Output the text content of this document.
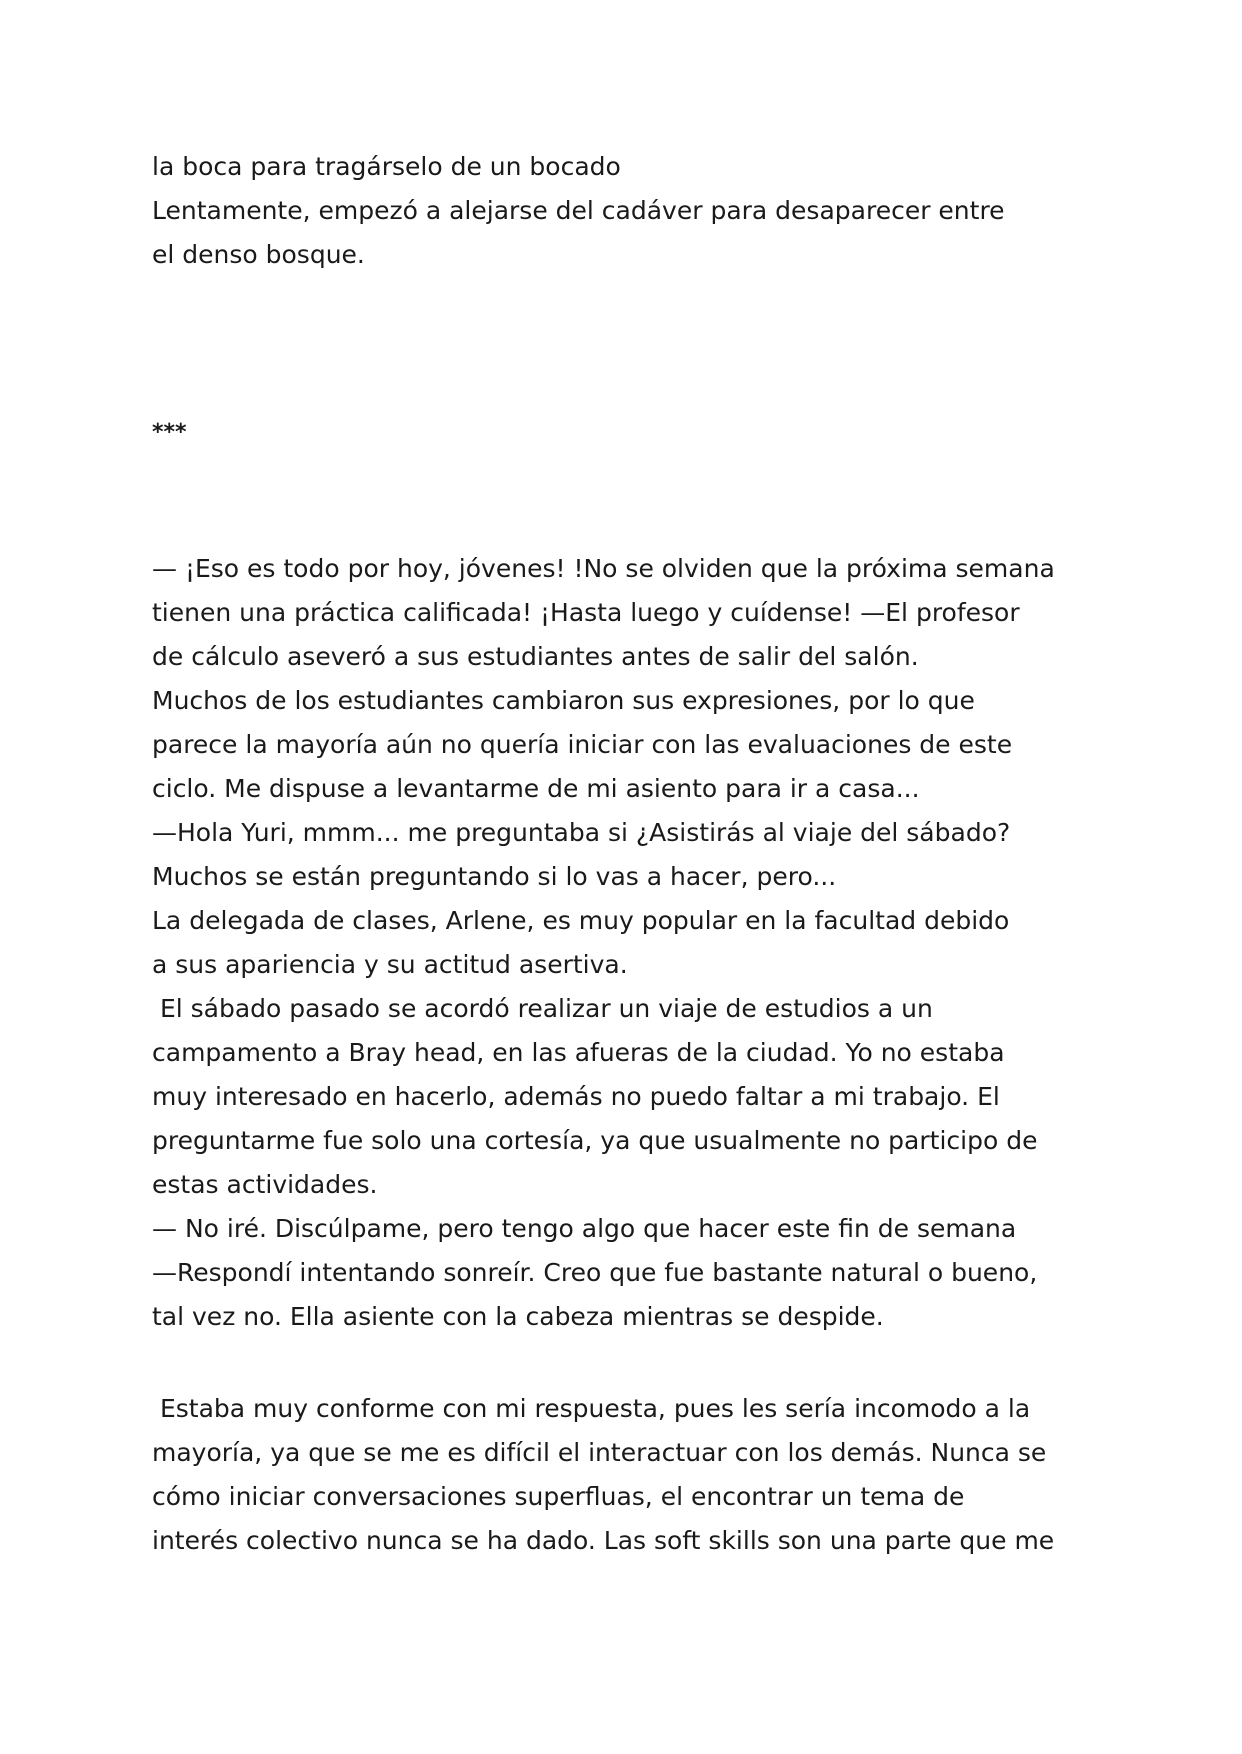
la boca para tragárselo de un bocado
Lentamente, empezó a alejarse del cadáver para desaparecer entre
el denso bosque.
***
— ¡Eso es todo por hoy, jóvenes! !No se olviden que la próxima semana
tienen una práctica calificada! ¡Hasta luego y cuídense! —El profesor
de cálculo aseveró a sus estudiantes antes de salir del salón.
Muchos de los estudiantes cambiaron sus expresiones, por lo que
parece la mayoría aún no quería iniciar con las evaluaciones de este
ciclo. Me dispuse a levantarme de mi asiento para ir a casa...
—Hola Yuri, mmm... me preguntaba si ¿Asistirás al viaje del sábado?
Muchos se están preguntando si lo vas a hacer, pero...
La delegada de clases, Arlene, es muy popular en la facultad debido
a sus apariencia y su actitud asertiva.
El sábado pasado se acordó realizar un viaje de estudios a un
campamento a Bray head, en las afueras de la ciudad. Yo no estaba
muy interesado en hacerlo, además no puedo faltar a mi trabajo. El
preguntarme fue solo una cortesía, ya que usualmente no participo de
estas actividades.
— No iré. Discúlpame, pero tengo algo que hacer este fin de semana
—Respondí intentando sonreír. Creo que fue bastante natural o bueno,
tal vez no. Ella asiente con la cabeza mientras se despide.
Estaba muy conforme con mi respuesta, pues les sería incomodo a la
mayoría, ya que se me es difícil el interactuar con los demás. Nunca se
cómo iniciar conversaciones superfluas, el encontrar un tema de
interés colectivo nunca se ha dado. Las soft skills son una parte que me
